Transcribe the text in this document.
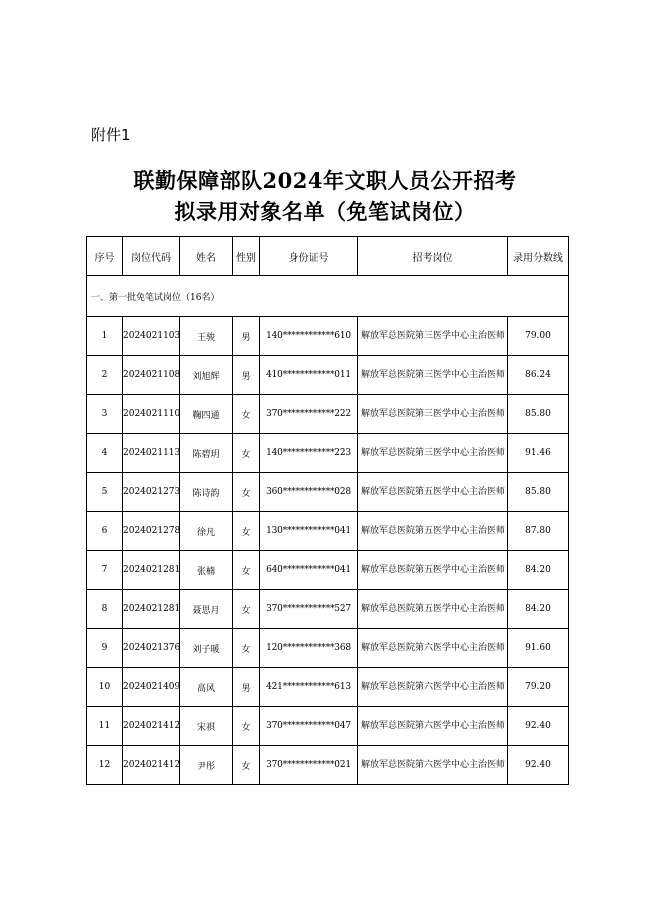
附件1
联勤保障部队2024年文职人员公开招考
拟录用对象名单（免笔试岗位）
序号	岗位代码	姓名	性别	身份证号	招考岗位	录用分数线
一、第一批免笔试岗位（16名）						
1	2024021103	王骏	男	140************610	解放军总医院第三医学中心主治医师	79.00
2	2024021108	刘旭辉	男	410************011	解放军总医院第三医学中心主治医师	86.24
3	2024021110	鞠四通	女	370************222	解放军总医院第三医学中心主治医师	85.80
4	2024021113	陈碧玥	女	140************223	解放军总医院第三医学中心主治医师	91.46
5	2024021273	陈诗韵	女	360************028	解放军总医院第五医学中心主治医师	85.80
6	2024021278	徐凡	女	130************041	解放军总医院第五医学中心主治医师	87.80
7	2024021281	张楠	女	640************041	解放军总医院第五医学中心主治医师	84.20
8	2024021281	聂思月	女	370************527	解放军总医院第五医学中心主治医师	84.20
9	2024021376	刘子暖	女	120************368	解放军总医院第六医学中心主治医师	91.60
10	2024021409	高风	男	421************613	解放军总医院第六医学中心主治医师	79.20
11	2024021412	宋祺	女	370************047	解放军总医院第六医学中心主治医师	92.40
12	2024021412	尹彤	女	370************021	解放军总医院第六医学中心主治医师	92.40
